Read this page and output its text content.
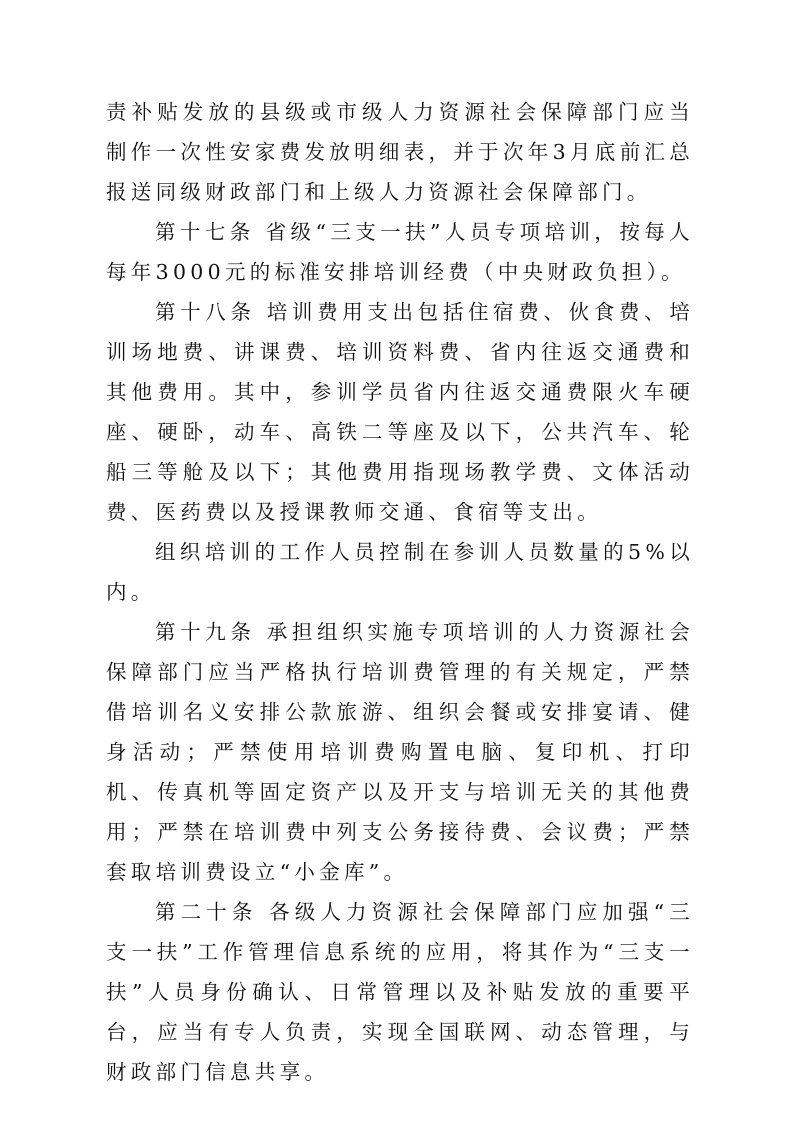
责补贴发放的县级或市级人力资源社会保障部门应当制作一次性安家费发放明细表，并于次年3月底前汇总报送同级财政部门和上级人力资源社会保障部门。

第十七条 省级“三支一扶”人员专项培训，按每人每年3000元的标准安排培训经费（中央财政负担）。

第十八条 培训费用支出包括住宿费、伙食费、培训场地费、讲课费、培训资料费、省内往返交通费和其他费用。其中，参训学员省内往返交通费限火车硬座、硬卧，动车、高铁二等座及以下，公共汽车、轮船三等舱及以下；其他费用指现场教学费、文体活动费、医药费以及授课教师交通、食宿等支出。

组织培训的工作人员控制在参训人员数量的5%以内。

第十九条 承担组织实施专项培训的人力资源社会保障部门应当严格执行培训费管理的有关规定，严禁借培训名义安排公款旅游、组织会餐或安排宴请、健身活动；严禁使用培训费购置电脑、复印机、打印机、传真机等固定资产以及开支与培训无关的其他费用；严禁在培训费中列支公务接待费、会议费；严禁套取培训费设立“小金库”。

第二十条 各级人力资源社会保障部门应加强“三支一扶”工作管理信息系统的应用，将其作为“三支一扶”人员身份确认、日常管理以及补贴发放的重要平台，应当有专人负责，实现全国联网、动态管理，与财政部门信息共享。
